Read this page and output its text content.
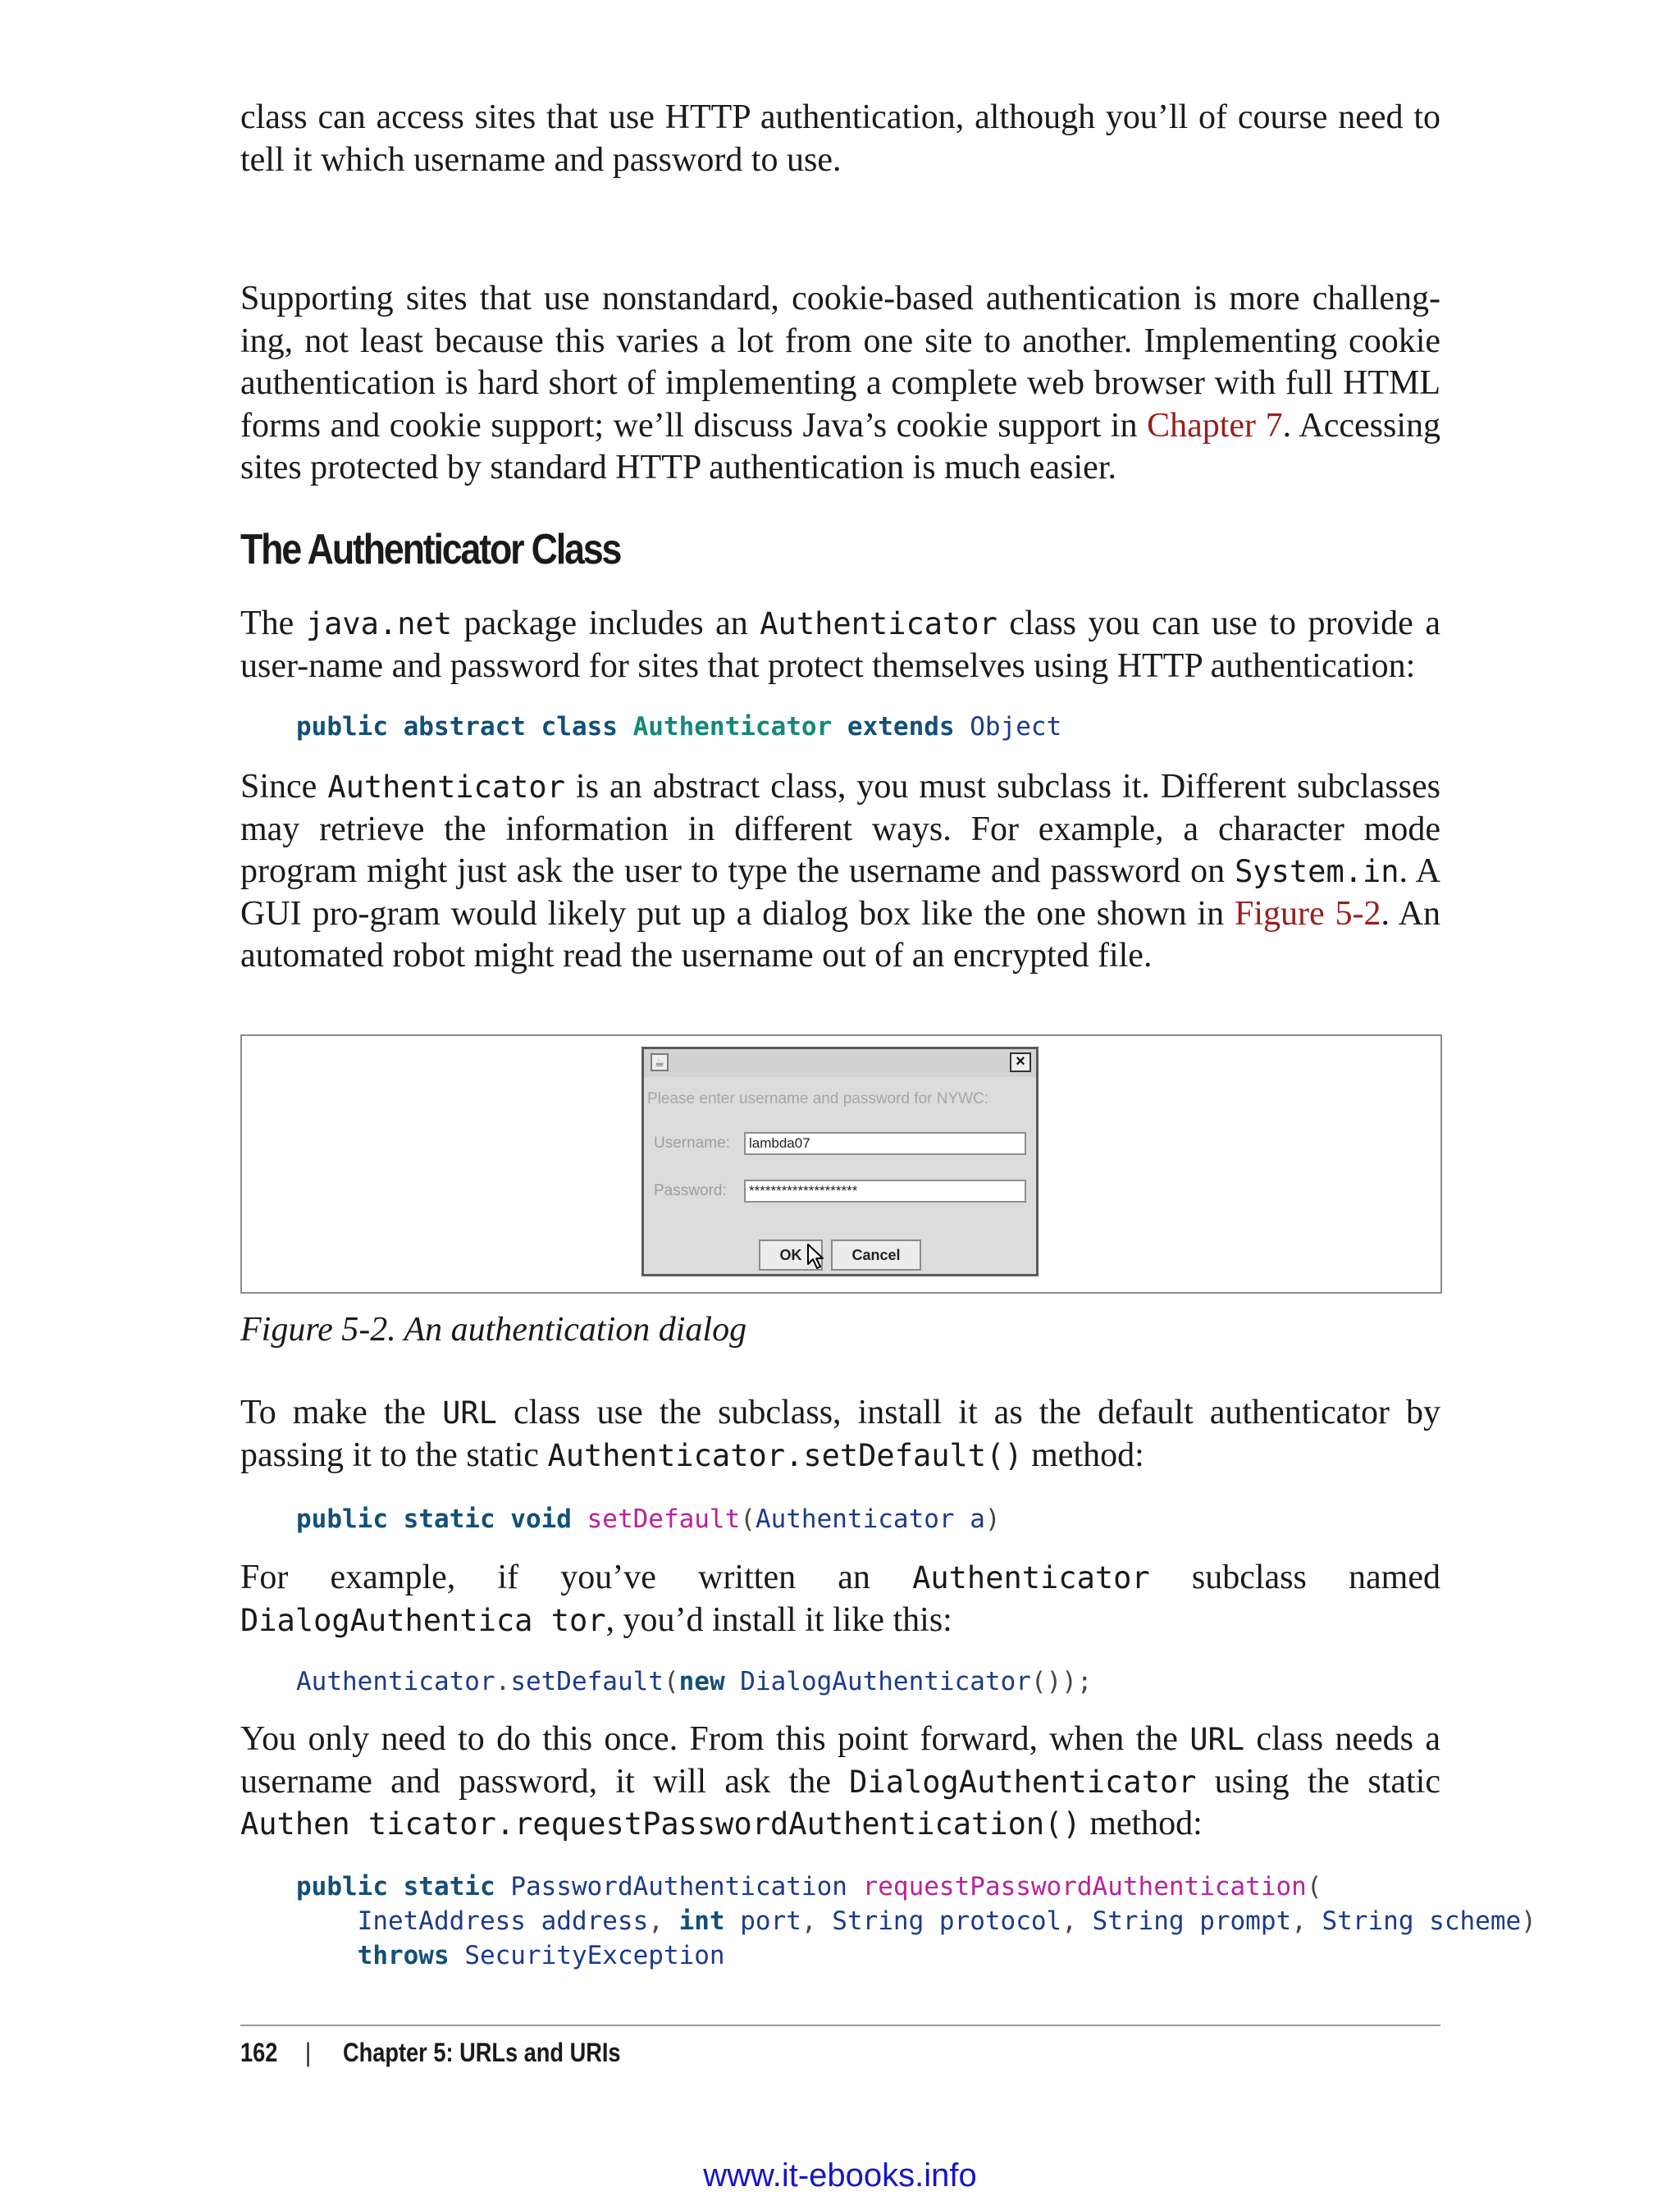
class can access sites that use HTTP authentication, although you’ll of course need to tell it which username and password to use.

Supporting sites that use nonstandard, cookie-based authentication is more challeng-ing, not least because this varies a lot from one site to another. Implementing cookie authentication is hard short of implementing a complete web browser with full HTML forms and cookie support; we’ll discuss Java’s cookie support in Chapter 7. Accessing sites protected by standard HTTP authentication is much easier.

The Authenticator Class

The java.net package includes an Authenticator class you can use to provide a user-name and password for sites that protect themselves using HTTP authentication:

public abstract class Authenticator extends Object

Since Authenticator is an abstract class, you must subclass it. Different subclasses may retrieve the information in different ways. For example, a character mode program might just ask the user to type the username and password on System.in. A GUI pro-gram would likely put up a dialog box like the one shown in Figure 5-2. An automated robot might read the username out of an encrypted file.

☕	×
Please enter username and password for NYWC:
Username:	lambda07
Password:	********************
OK	Cancel

Figure 5-2. An authentication dialog

To make the URL class use the subclass, install it as the default authenticator by passing it to the static Authenticator.setDefault() method:

public static void setDefault(Authenticator a)

For example, if you’ve written an Authenticator subclass named DialogAuthentica tor, you’d install it like this:

Authenticator.setDefault(new DialogAuthenticator());

You only need to do this once. From this point forward, when the URL class needs a username and password, it will ask the DialogAuthenticator using the static Authen ticator.requestPasswordAuthentication() method:

public static PasswordAuthentication requestPasswordAuthentication(
InetAddress address, int port, String protocol, String prompt, String scheme)
throws SecurityException
162 | Chapter 5: URLs and URIs
www.it-ebooks.info
